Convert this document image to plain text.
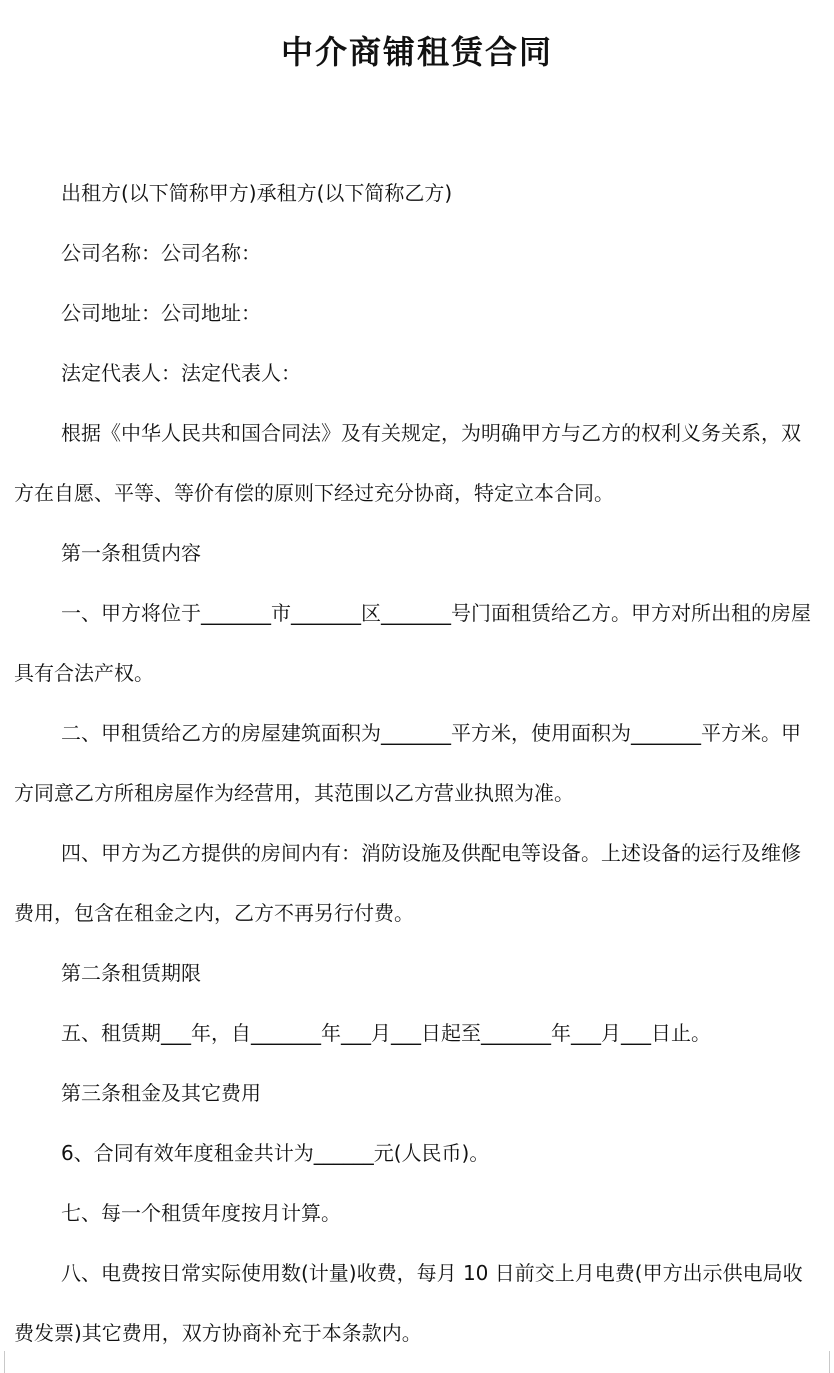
中介商铺租赁合同

出租方(以下简称甲方)承租方(以下简称乙方)

公司名称：公司名称：

公司地址：公司地址：

法定代表人：法定代表人：

根据《中华人民共和国合同法》及有关规定，为明确甲方与乙方的权利义务关系，双方在自愿、平等、等价有偿的原则下经过充分协商，特定立本合同。

第一条租赁内容

一、甲方将位于_______市_______区_______号门面租赁给乙方。甲方对所出租的房屋具有合法产权。

二、甲租赁给乙方的房屋建筑面积为_______平方米，使用面积为_______平方米。甲方同意乙方所租房屋作为经营用，其范围以乙方营业执照为准。

四、甲方为乙方提供的房间内有：消防设施及供配电等设备。上述设备的运行及维修费用，包含在租金之内，乙方不再另行付费。

第二条租赁期限

五、租赁期___年，自_______年___月___日起至_______年___月___日止。

第三条租金及其它费用

6、合同有效年度租金共计为______元(人民币)。

七、每一个租赁年度按月计算。

八、电费按日常实际使用数(计量)收费，每月 10 日前交上月电费(甲方出示供电局收费发票)其它费用，双方协商补充于本条款内。
